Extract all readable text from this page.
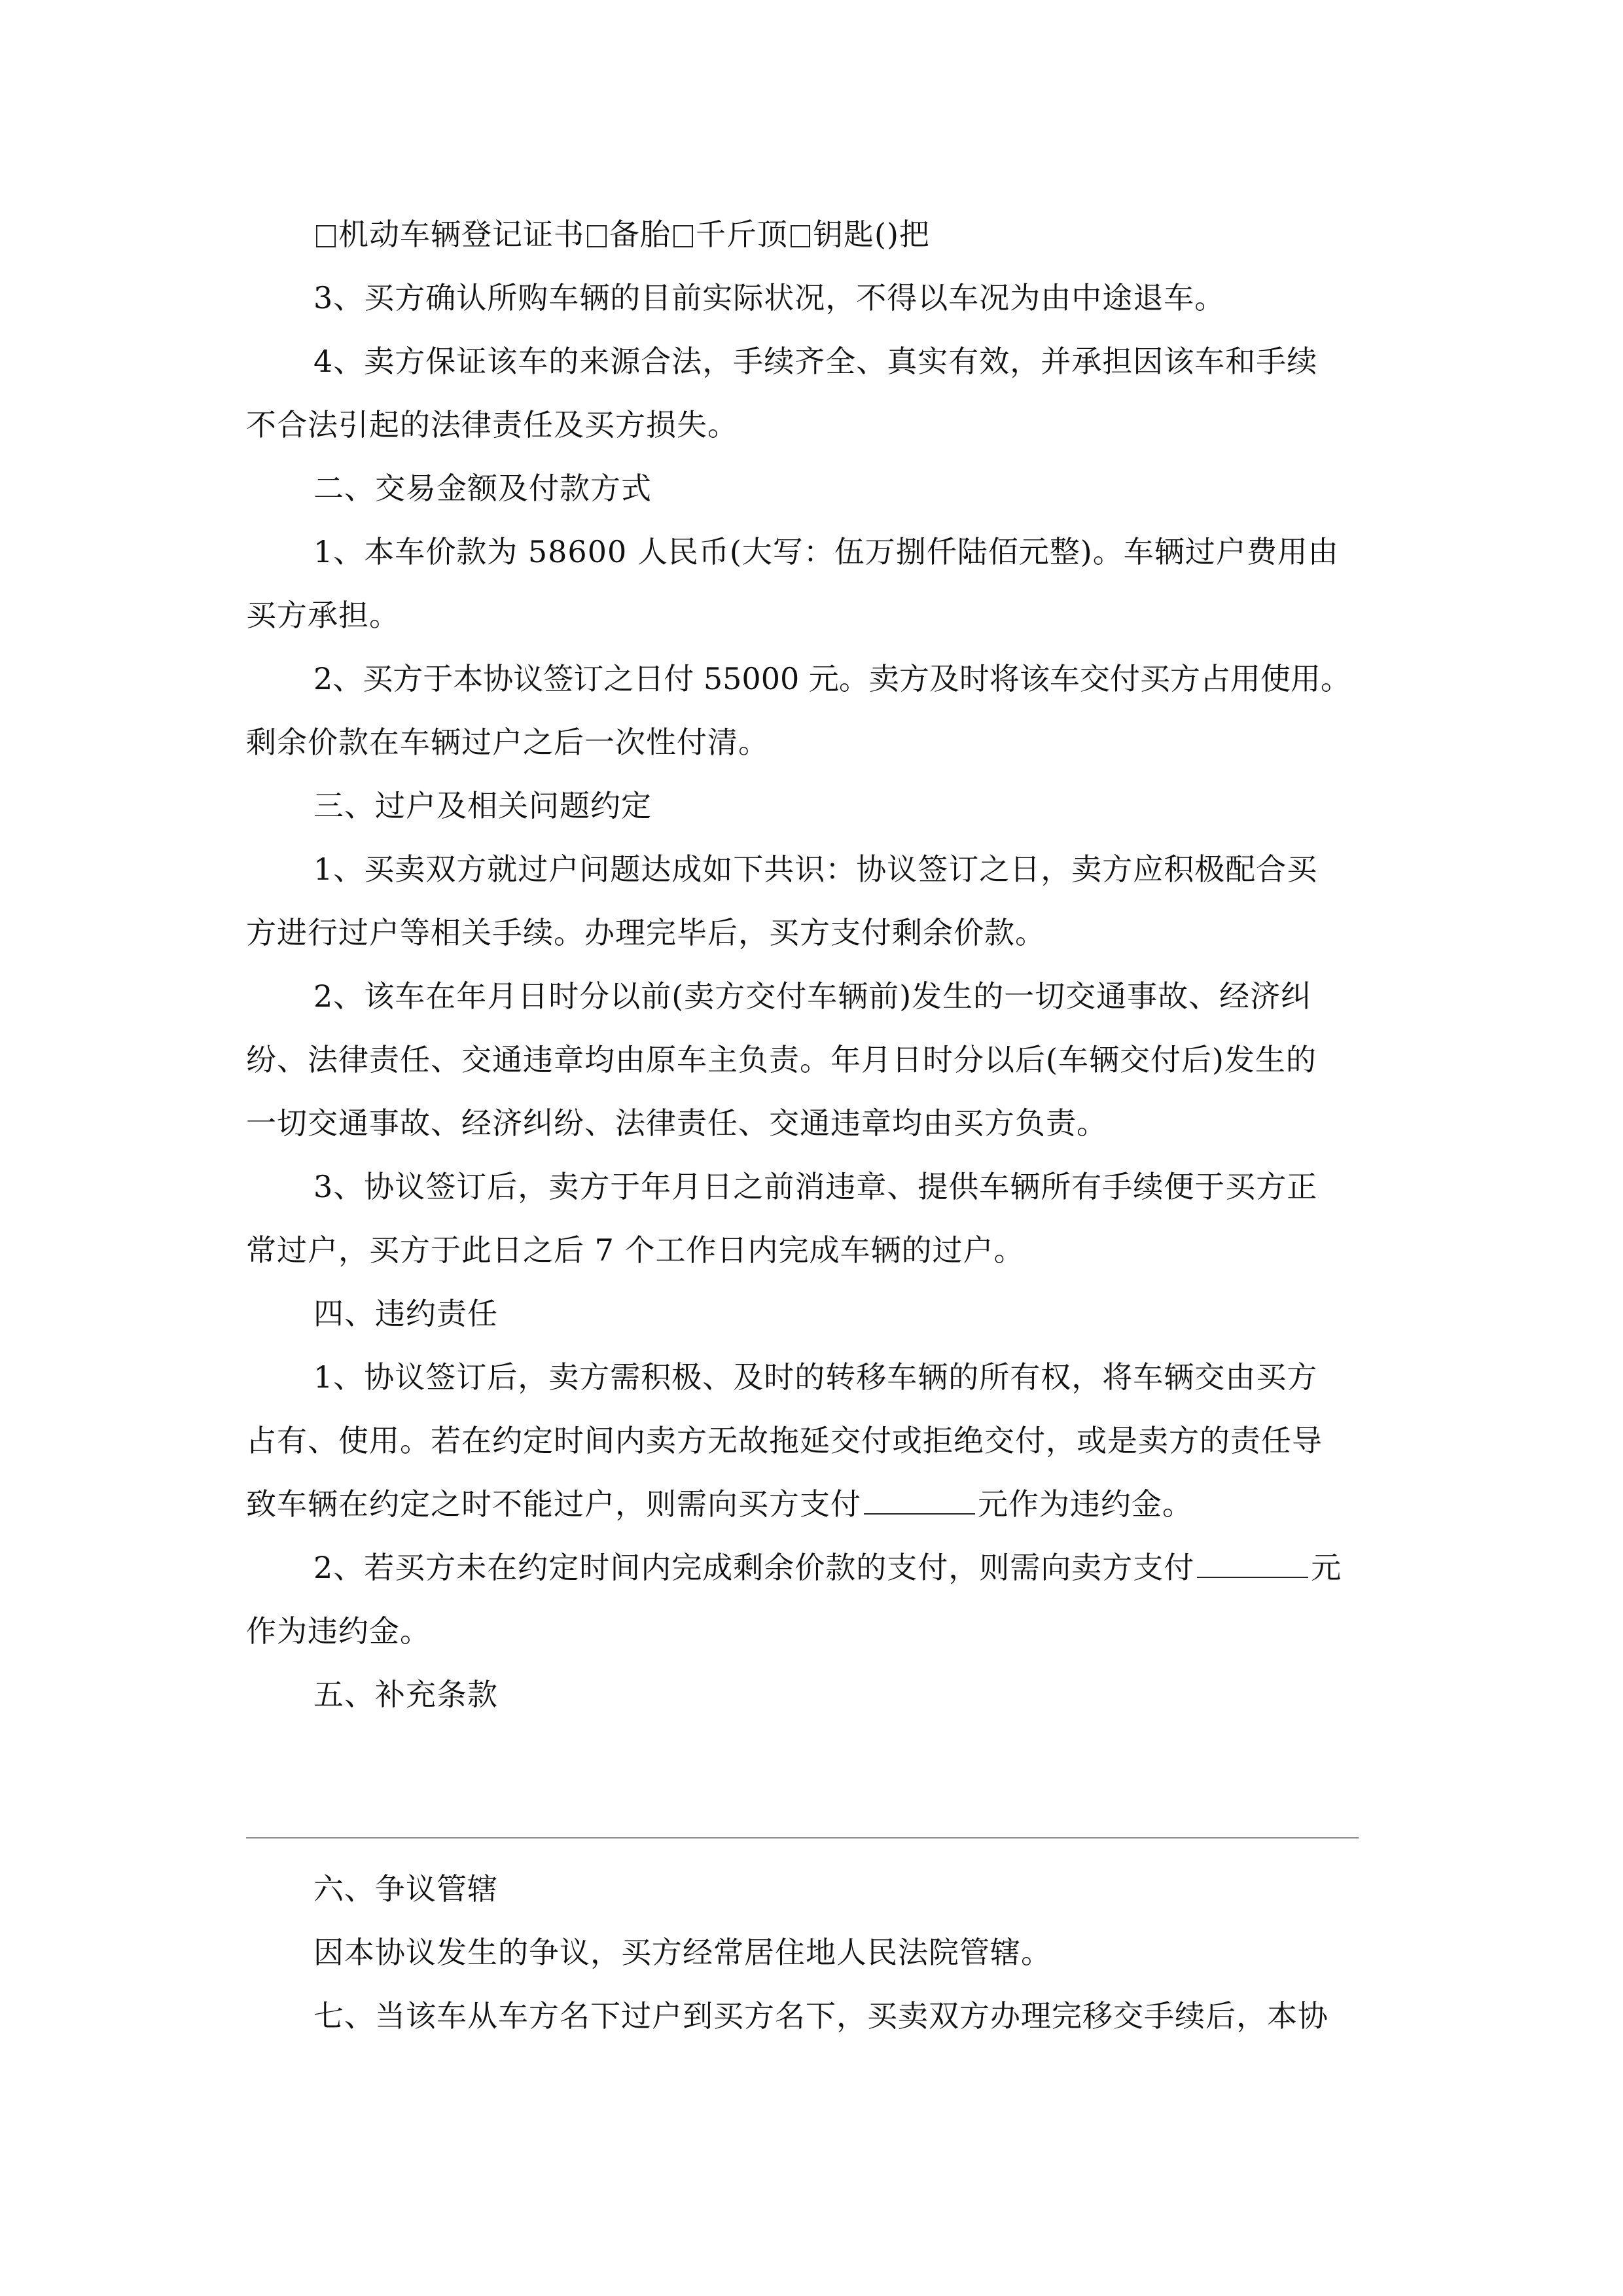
机动车辆登记证书 备胎 千斤顶 钥匙()把

3、买方确认所购车辆的目前实际状况，不得以车况为由中途退车。

4、卖方保证该车的来源合法，手续齐全、真实有效，并承担因该车和手续

不合法引起的法律责任及买方损失。

二、交易金额及付款方式

1、本车价款为 58600 人民币(大写：伍万捌仟陆佰元整)。车辆过户费用由

买方承担。

2、买方于本协议签订之日付 55000 元。卖方及时将该车交付买方占用使用。

剩余价款在车辆过户之后一次性付清。

三、过户及相关问题约定

1、买卖双方就过户问题达成如下共识：协议签订之日，卖方应积极配合买

方进行过户等相关手续。办理完毕后，买方支付剩余价款。

2、该车在年月日时分以前(卖方交付车辆前)发生的一切交通事故、经济纠

纷、法律责任、交通违章均由原车主负责。年月日时分以后(车辆交付后)发生的

一切交通事故、经济纠纷、法律责任、交通违章均由买方负责。

3、协议签订后，卖方于年月日之前消违章、提供车辆所有手续便于买方正

常过户，买方于此日之后 7 个工作日内完成车辆的过户。

四、违约责任

1、协议签订后，卖方需积极、及时的转移车辆的所有权，将车辆交由买方

占有、使用。若在约定时间内卖方无故拖延交付或拒绝交付，或是卖方的责任导

致车辆在约定之时不能过户，则需向买方支付	元作为违约金。

2、若买方未在约定时间内完成剩余价款的支付，则需向卖方支付	元

作为违约金。

五、补充条款

六、争议管辖

因本协议发生的争议，买方经常居住地人民法院管辖。

七、当该车从车方名下过户到买方名下，买卖双方办理完移交手续后，本协
